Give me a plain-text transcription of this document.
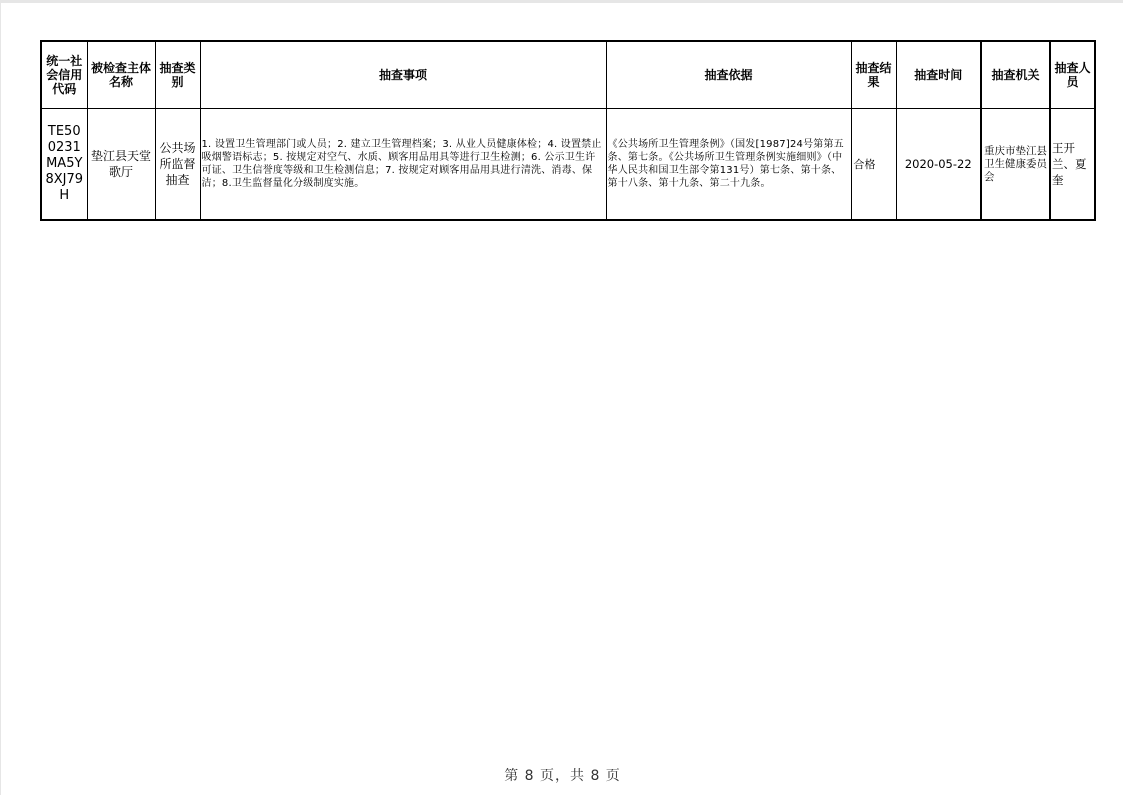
统一社会信用代码	被检查主体名称	抽查类别	抽查事项	抽查依据	抽查结果	抽查时间	抽查机关	抽查人员
TE500231MA5Y8XJ79H	垫江县天堂歌厅	公共场所监督抽查	1. 设置卫生管理部门或人员；2. 建立卫生管理档案；3. 从业人员健康体检；4. 设置禁止吸烟警语标志；5. 按规定对空气、水质、顾客用品用具等进行卫生检测；6. 公示卫生许可证、卫生信誉度等级和卫生检测信息；7. 按规定对顾客用品用具进行清洗、消毒、保洁；8.卫生监督量化分级制度实施。	《公共场所卫生管理条例》（国发[1987]24号第第五条、第七条。《公共场所卫生管理条例实施细则》（中华人民共和国卫生部令第131号）第七条、第十条、第十八条、第十九条、第二十九条。	合格	2020-05-22	重庆市垫江县卫生健康委员会	王开兰、夏奎
第 8 页，共 8 页
